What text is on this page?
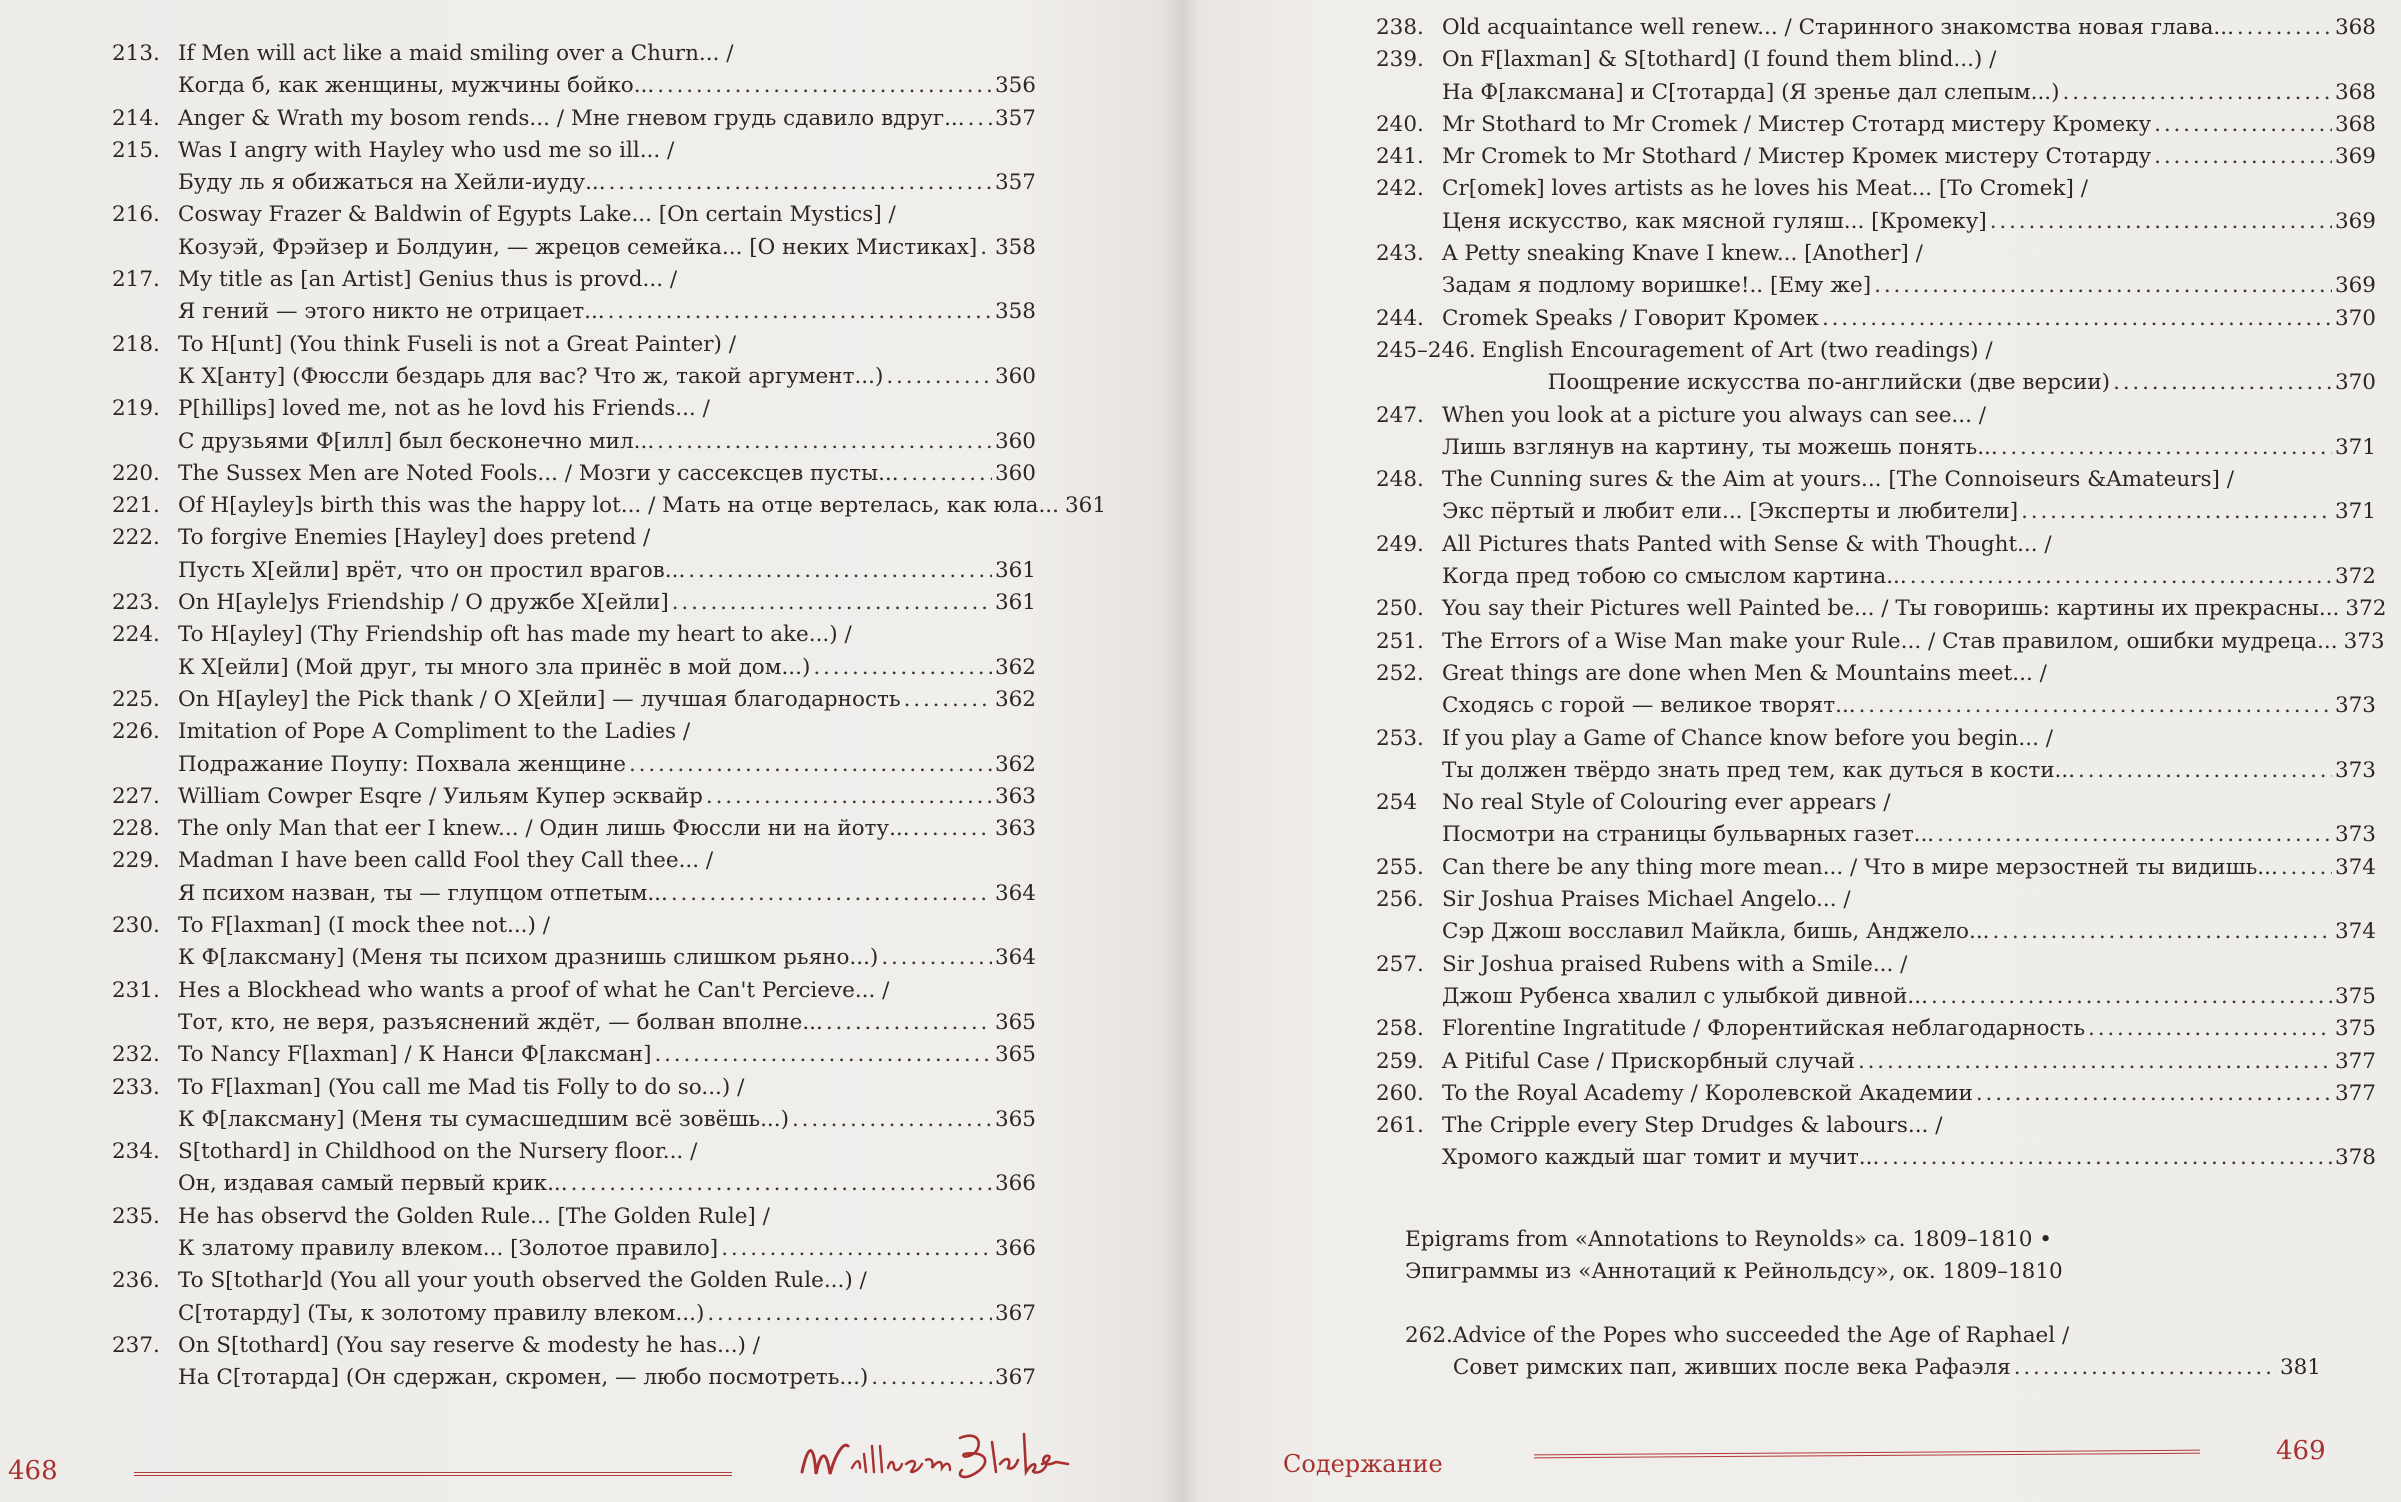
213. If Men will act like a maid smiling over a Churn... /
Когда б, как женщины, мужчины бойко... . . .	356
214. Anger & Wrath my bosom rends... / Мне гневом грудь сдавило вдруг... . . . 357
215. Was I angry with Hayley who usd me so ill... /
Буду ль я обижаться на Хейли-иуду... . . .	357
216. Cosway Frazer & Baldwin of Egypts Lake... [On certain Mystics] /
Козуэй, Фрэйзер и Болдуин, — жрецов семейка... [О неких Мистиках] . . . 358
217. My title as [an Artist] Genius thus is provd... /
Я гений — этого никто не отрицает... . . .	358
218. To H[unt] (You think Fuseli is not a Great Painter) /
К Х[анту] (Фюссли бездарь для вас? Что ж, такой аргумент...) . . .	360
219. P[hillips] loved me, not as he lovd his Friends... /
С друзьями Ф[илл] был бесконечно мил... . . .	360
220. The Sussex Men are Noted Fools... / Мозги у сассексцев пусты... . . .	360
221. Of H[ayley]s birth this was the happy lot... / Мать на отце вертелась, как юла... 361
222. To forgive Enemies [Hayley] does pretend /
Пусть Х[ейли] врёт, что он простил врагов... . . .	361
223. On H[ayle]ys Friendship / О дружбе Х[ейли] . . .	361
224. To H[ayley] (Thy Friendship oft has made my heart to ake...) /
К Х[ейли] (Мой друг, ты много зла принёс в мой дом...) . . .	362
225. On H[ayley] the Pick thank / О Х[ейли] — лучшая благодарность . . .	362
226. Imitation of Pope A Compliment to the Ladies /
Подражание Поупу: Похвала женщине . . .	362
227. William Cowper Esqre / Уильям Купер эсквайр . . .	363
228. The only Man that eer I knew... / Один лишь Фюссли ни на йоту... . . .	363
229. Madman I have been calld Fool they Call thee... /
Я психом назван, ты — глупцом отпетым... . . .	364
230. To F[laxman] (I mock thee not...) /
К Ф[лаксману] (Меня ты психом дразнишь слишком рьяно...) . . .	364
231. Hes a Blockhead who wants a proof of what he Can't Percieve... /
Тот, кто, не веря, разъяснений ждёт, — болван вполне... . . .	365
232. To Nancy F[laxman] / К Нанси Ф[лаксман] . . .	365
233. To F[laxman] (You call me Mad tis Folly to do so...) /
К Ф[лаксману] (Меня ты сумасшедшим всё зовёшь...) . . .	365
234. S[tothard] in Childhood on the Nursery floor... /
Он, издавая самый первый крик... . . .	366
235. He has observd the Golden Rule... [The Golden Rule] /
К златому правилу влеком... [Золотое правило] . . .	366
236. To S[tothar]d (You all your youth observed the Golden Rule...) /
С[тотарду] (Ты, к золотому правилу влеком...) . . .	367
237. On S[tothard] (You say reserve & modesty he has...) /
На С[тотарда] (Он сдержан, скромен, — любо посмотреть...) . . .	367
468
238. Old acquaintance well renew... / Старинного знакомства новая глава... . . .	368
239. On F[laxman] & S[tothard] (I found them blind...) /
На Ф[лаксмана] и С[тотарда] (Я зренье дал слепым...) . . .	368
240. Mr Stothard to Mr Cromek / Мистер Стотард мистеру Кромеку . . .	368
241. Mr Cromek to Mr Stothard / Мистер Кромек мистеру Стотарду . . .	369
242. Cr[omek] loves artists as he loves his Meat... [To Cromek] /
Ценя искусство, как мясной гуляш... [Кромеку] . . .	369
243. A Petty sneaking Knave I knew... [Another] /
Задам я подлому воришке!.. [Ему же] . . .	369
244. Cromek Speaks / Говорит Кромек . . .	370
245–246. English Encouragement of Art (two readings) /
Поощрение искусства по-английски (две версии) . . .	370
247. When you look at a picture you always can see... /
Лишь взглянув на картину, ты можешь понять... . . .	371
248. The Cunning sures & the Aim at yours... [The Connoiseurs &Amateurs] /
Экс пёртый и любит ели... [Эксперты и любители] . . .	371
249. All Pictures thats Panted with Sense & with Thought... /
Когда пред тобою со смыслом картина... . . .	372
250. You say their Pictures well Painted be... / Ты говоришь: картины их прекрасны... 372
251. The Errors of a Wise Man make your Rule... / Став правилом, ошибки мудреца... 373
252. Great things are done when Men & Mountains meet... /
Сходясь с горой — великое творят... . . .	373
253. If you play a Game of Chance know before you begin... /
Ты должен твёрдо знать пред тем, как дуться в кости... . . .	373
254	No real Style of Colouring ever appears /
Посмотри на страницы бульварных газет... . . .	373
255. Can there be any thing more mean... / Что в мире мерзостней ты видишь... . . .	374
256. Sir Joshua Praises Michael Angelo... /
Сэр Джош восславил Майкла, бишь, Анджело... . . .	374
257. Sir Joshua praised Rubens with a Smile... /
Джош Рубенса хвалил с улыбкой дивной... . . .	375
258. Florentine Ingratitude / Флорентийская неблагодарность . . .	375
259. A Pitiful Case / Прискорбный случай . . .	377
260. To the Royal Academy / Королевской Академии . . .	377
261. The Cripple every Step Drudges & labours... /
Хромого каждый шаг томит и мучит... . . .	378
Epigrams from «Annotations to Reynolds» ca. 1809–1810 •
Эпиграммы из «Аннотаций к Рейнольдсу», ок. 1809–1810
262. Advice of the Popes who succeeded the Age of Raphael /
Совет римских пап, живших после века Рафаэля . . .	381
Содержание	469
